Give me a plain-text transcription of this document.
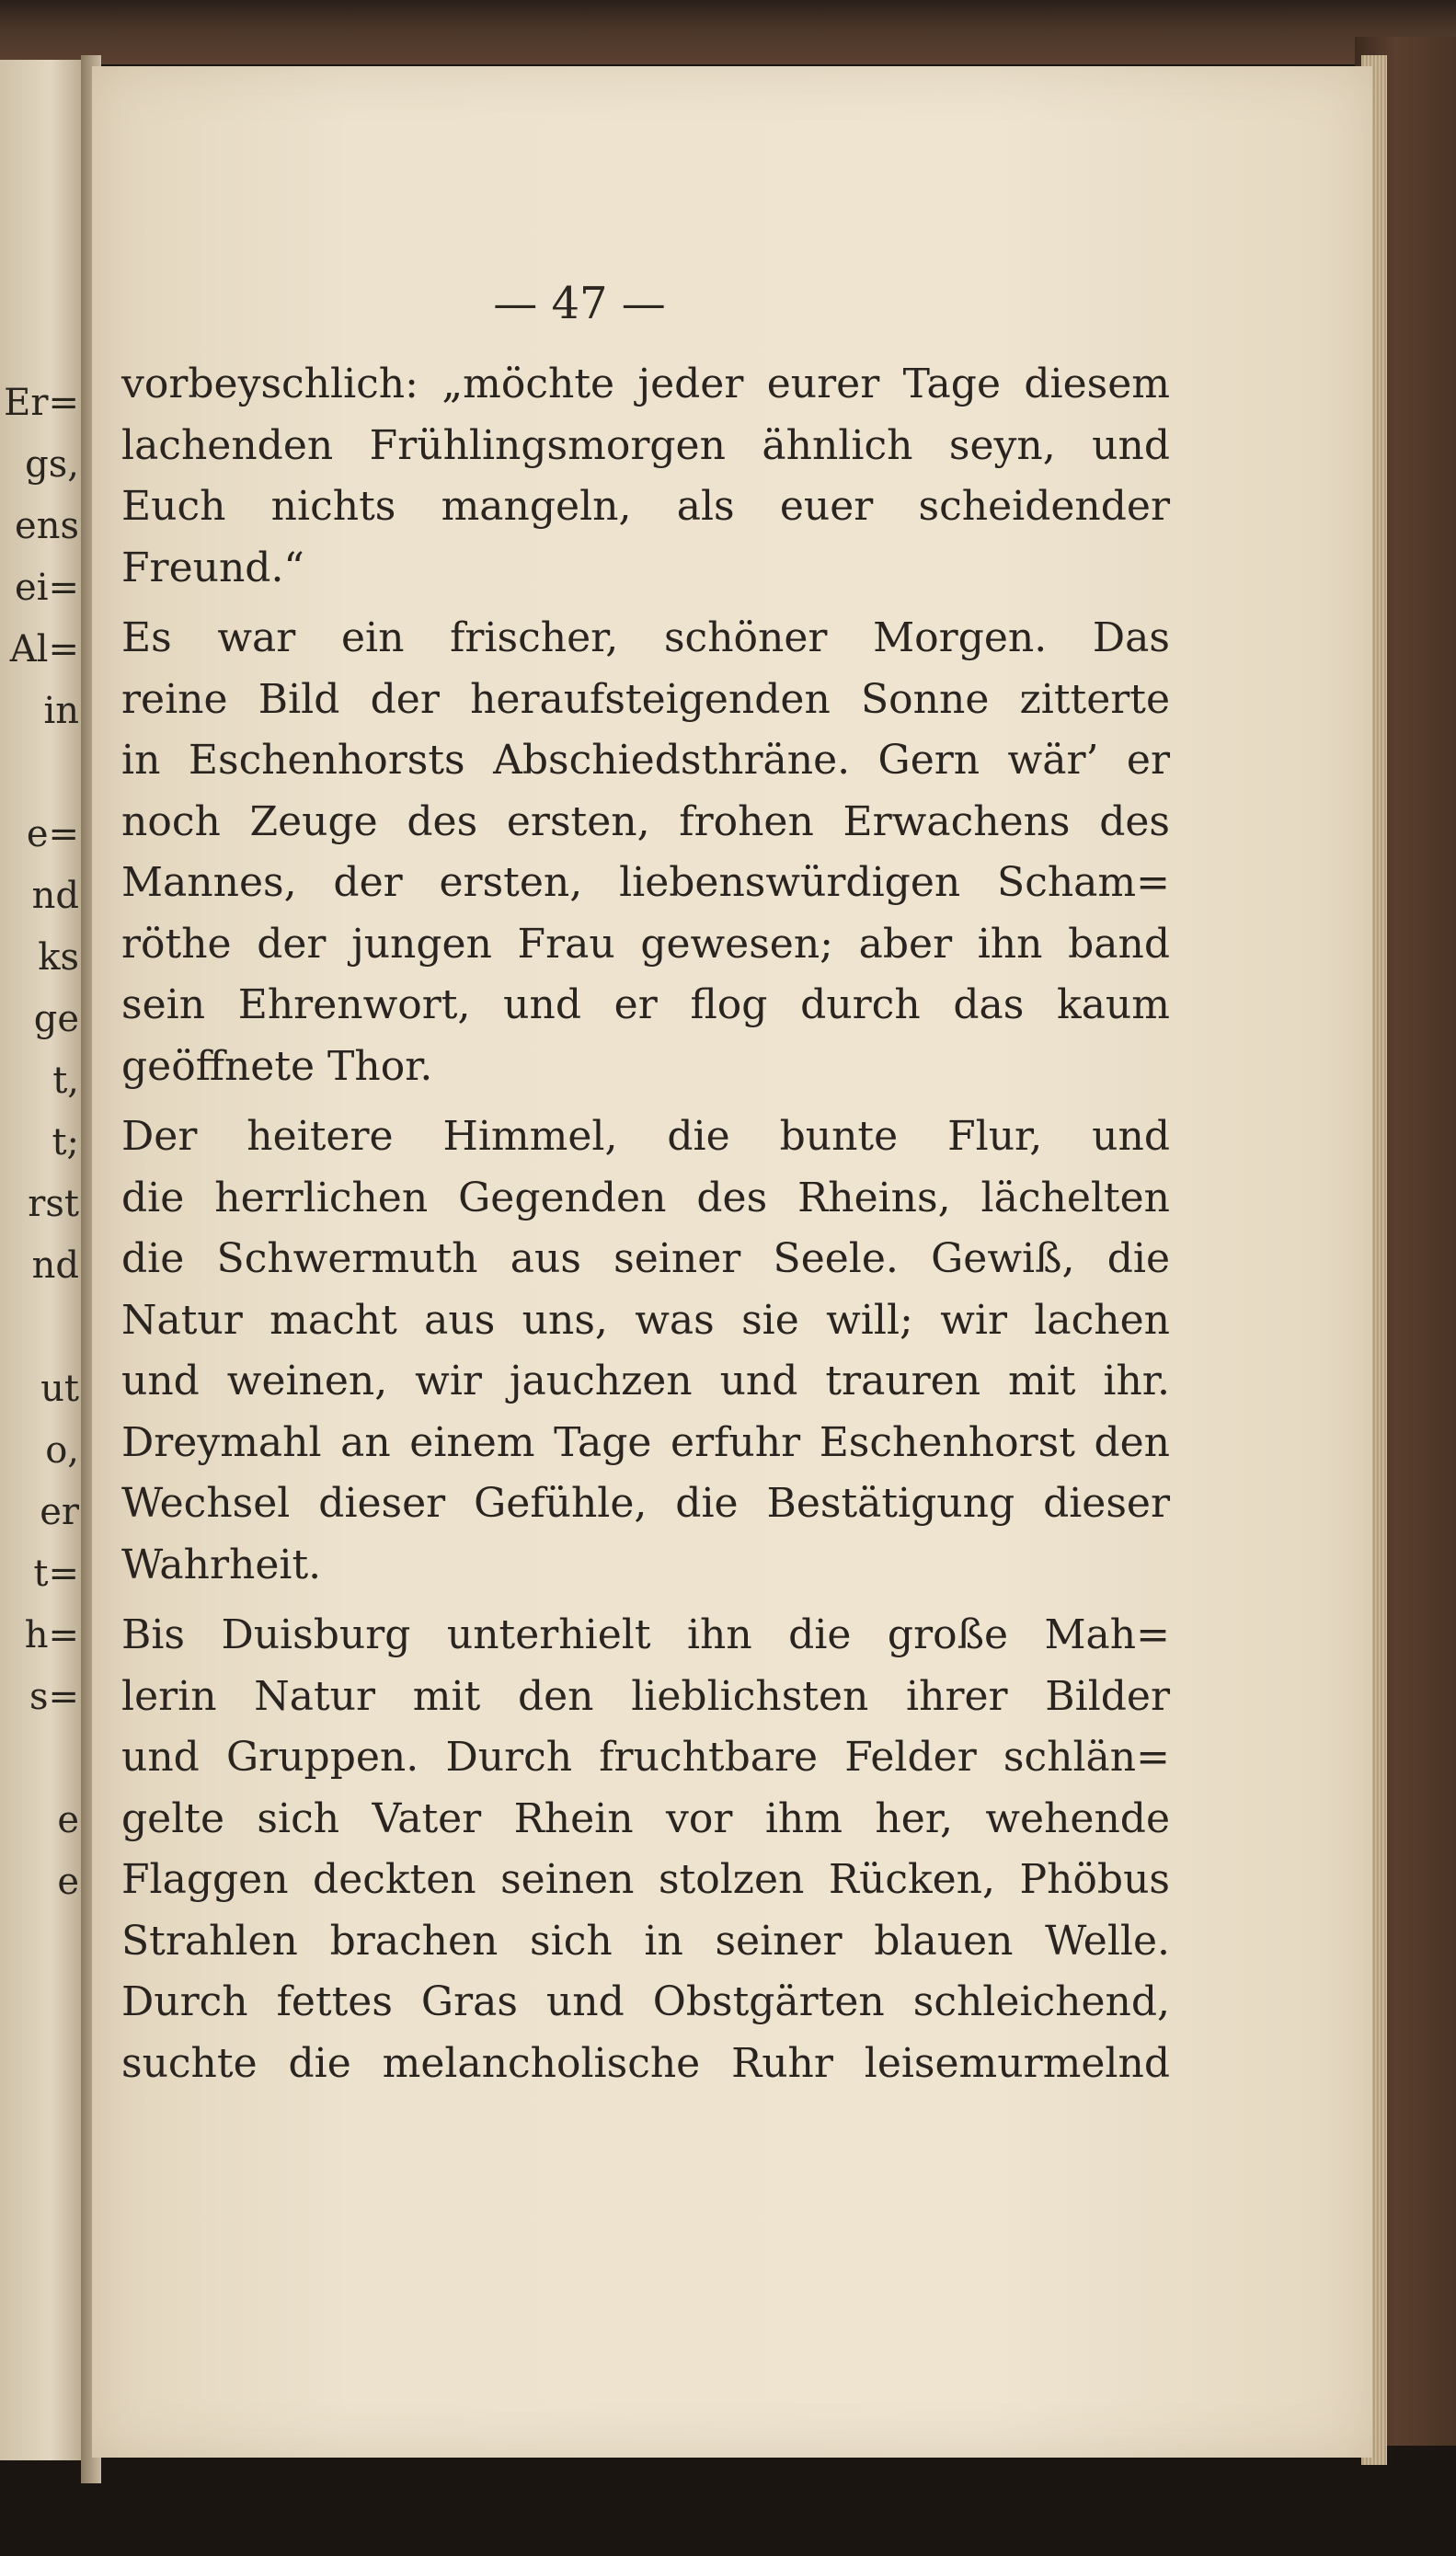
Er=
gs,
ens
ei=
Al=
in
e=
nd
ks
ge
t,
t;
rst
nd
ut
o,
er
t=
h=
s=
e
e
— 47 —
vorbeyschlich: „möchte jeder eurer Tage diesem
lachenden Frühlingsmorgen ähnlich seyn, und
Euch nichts mangeln, als euer scheidender
Freund.“
Es war ein frischer, schöner Morgen. Das
reine Bild der heraufsteigenden Sonne zitterte
in Eschenhorsts Abschiedsthräne. Gern wär’ er
noch Zeuge des ersten, frohen Erwachens des
Mannes, der ersten, liebenswürdigen Scham=
röthe der jungen Frau gewesen; aber ihn band
sein Ehrenwort, und er flog durch das kaum
geöffnete Thor.
Der heitere Himmel, die bunte Flur, und
die herrlichen Gegenden des Rheins, lächelten
die Schwermuth aus seiner Seele. Gewiß, die
Natur macht aus uns, was sie will; wir lachen
und weinen, wir jauchzen und trauren mit ihr.
Dreymahl an einem Tage erfuhr Eschenhorst den
Wechsel dieser Gefühle, die Bestätigung dieser
Wahrheit.
Bis Duisburg unterhielt ihn die große Mah=
lerin Natur mit den lieblichsten ihrer Bilder
und Gruppen. Durch fruchtbare Felder schlän=
gelte sich Vater Rhein vor ihm her, wehende
Flaggen deckten seinen stolzen Rücken, Phöbus
Strahlen brachen sich in seiner blauen Welle.
Durch fettes Gras und Obstgärten schleichend,
suchte die melancholische Ruhr leisemurmelnd
